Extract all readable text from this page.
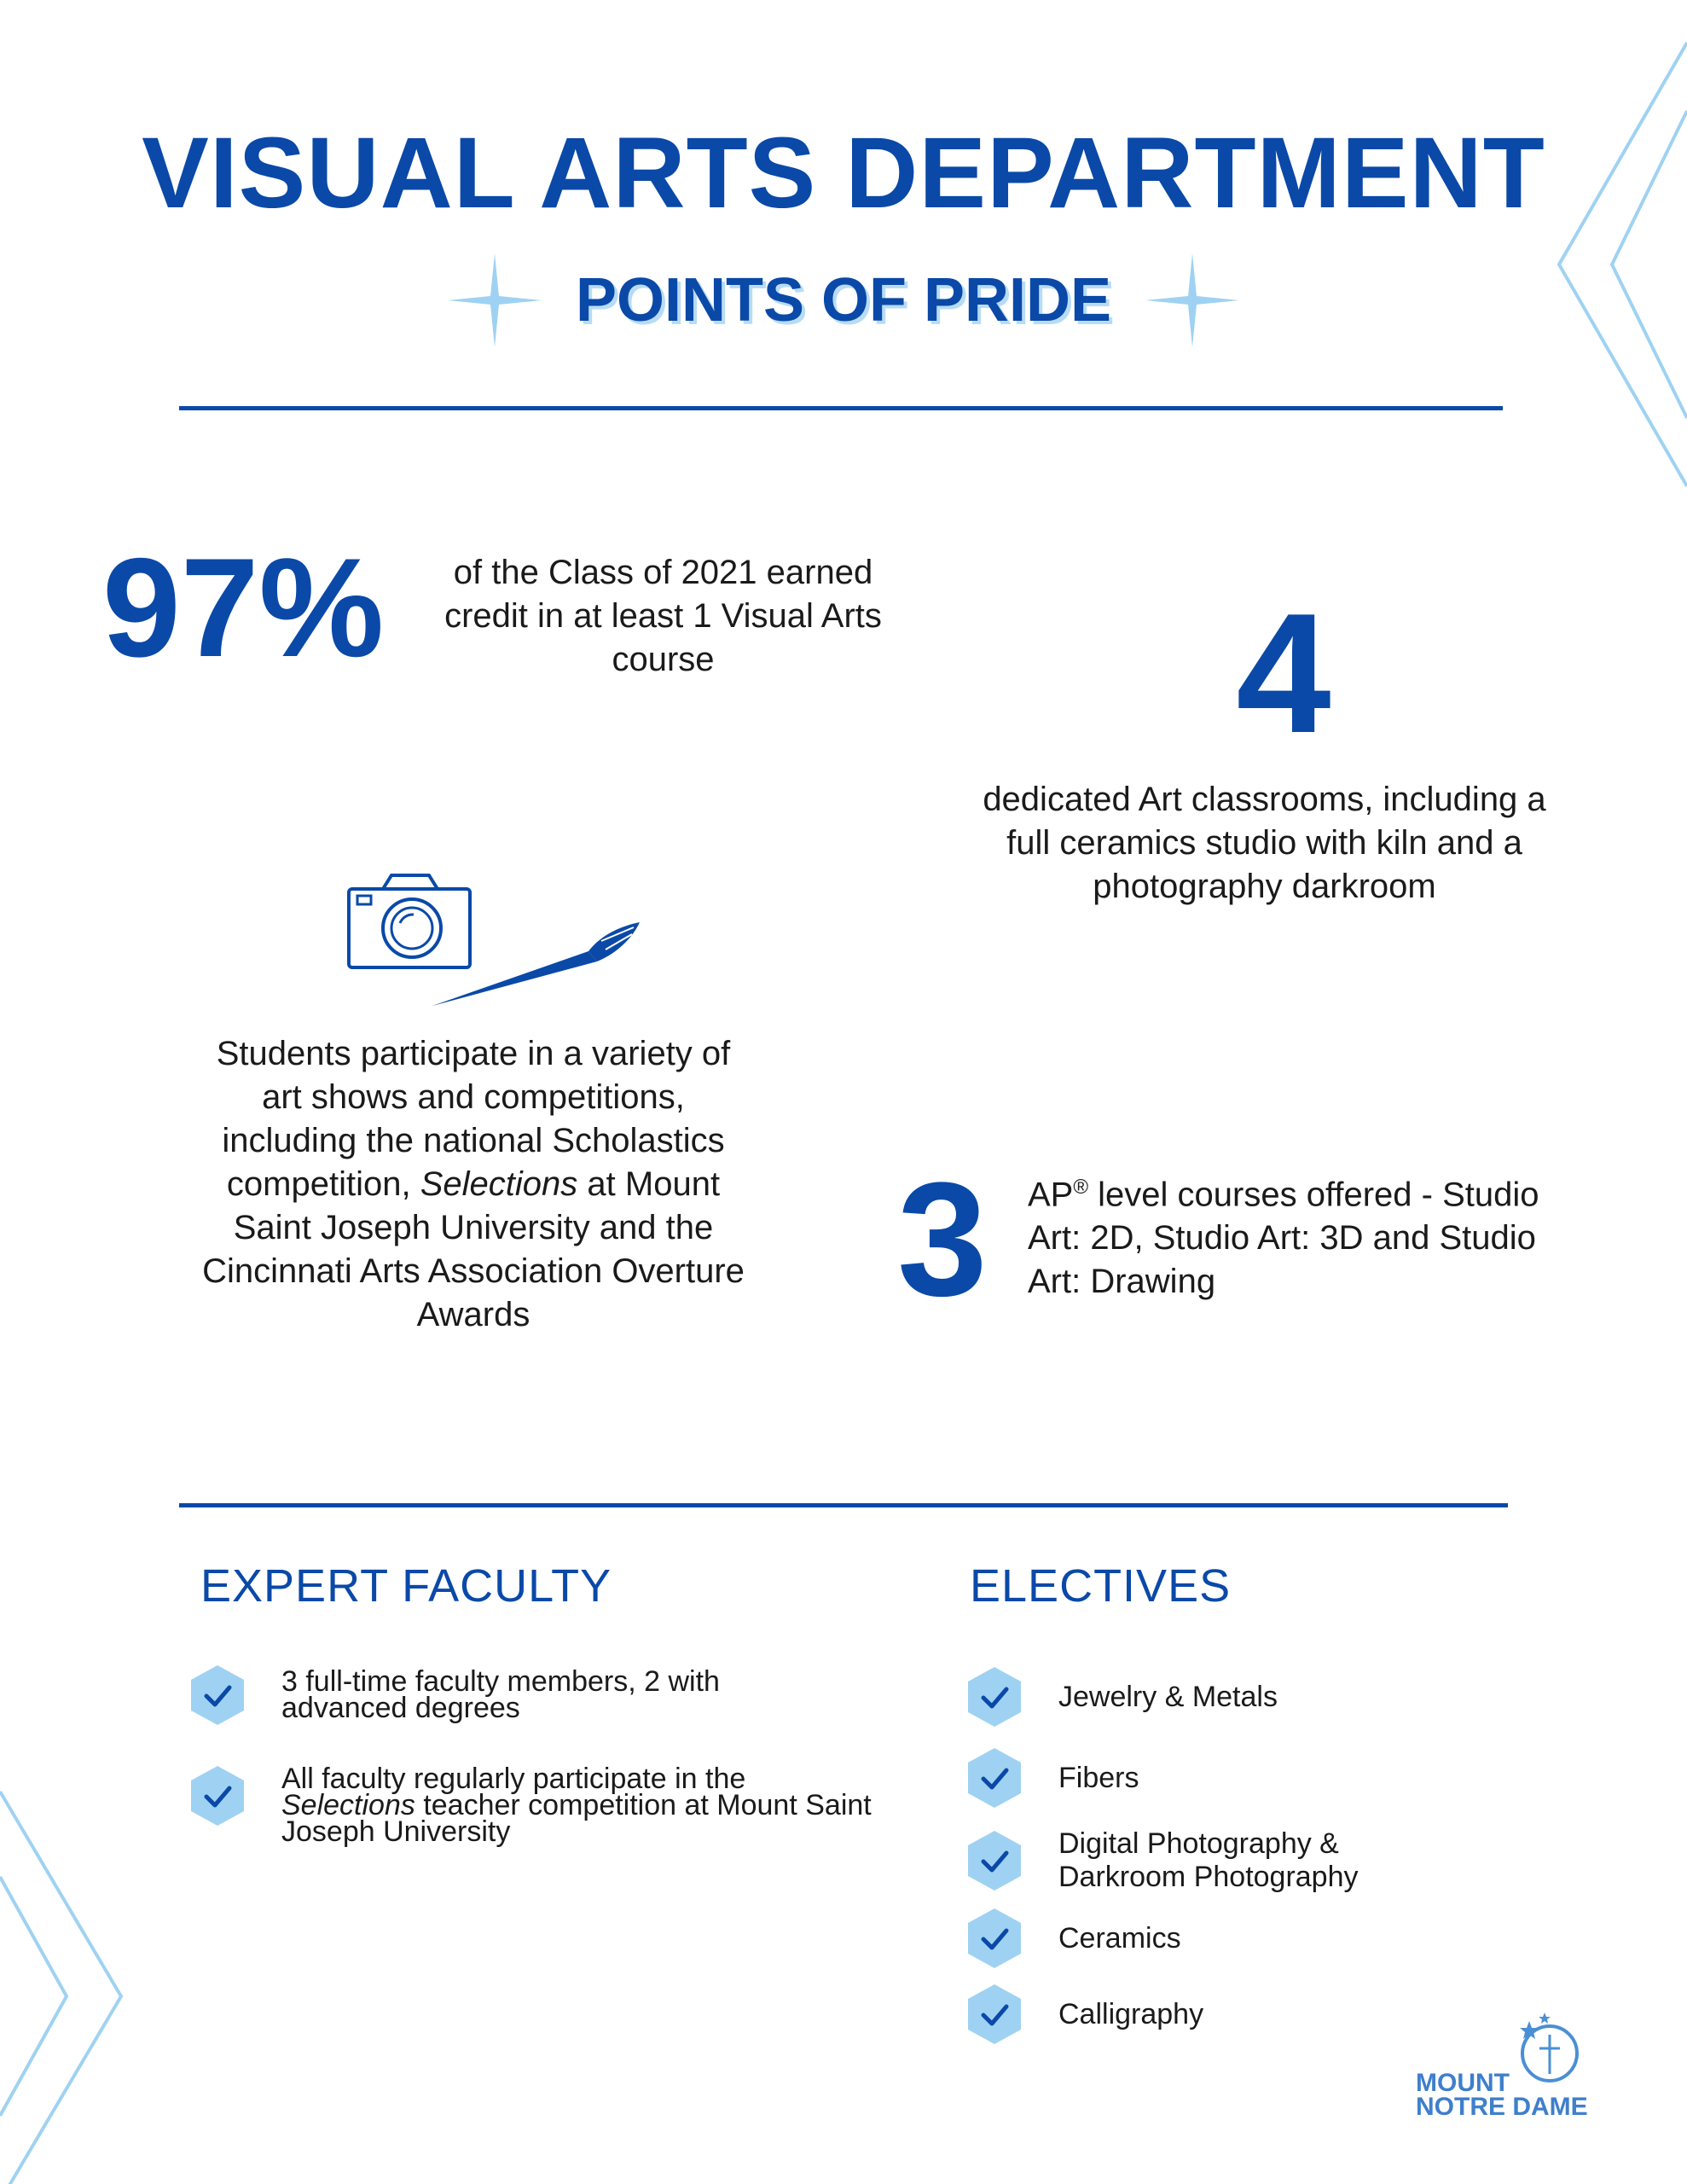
VISUAL ARTS DEPARTMENT
POINTS OF PRIDE
97%	of the Class of 2021 earned credit in at least 1 Visual Arts course	4
dedicated Art classrooms, including a full ceramics studio with kiln and a photography darkroom
Students participate in a variety of art shows and competitions, including the national Scholastics competition, Selections at Mount Saint Joseph University and the Cincinnati Arts Association Overture Awards	3 AP® level courses offered - Studio Art: 2D, Studio Art: 3D and Studio Art: Drawing
EXPERT FACULTY
3 full-time faculty members, 2 with advanced degrees
All faculty regularly participate in the Selections teacher competition at Mount Saint Joseph University
ELECTIVES
Jewelry & Metals
Fibers
Digital Photography & Darkroom Photography
Ceramics
Calligraphy
MOUNT
NOTRE DAME
